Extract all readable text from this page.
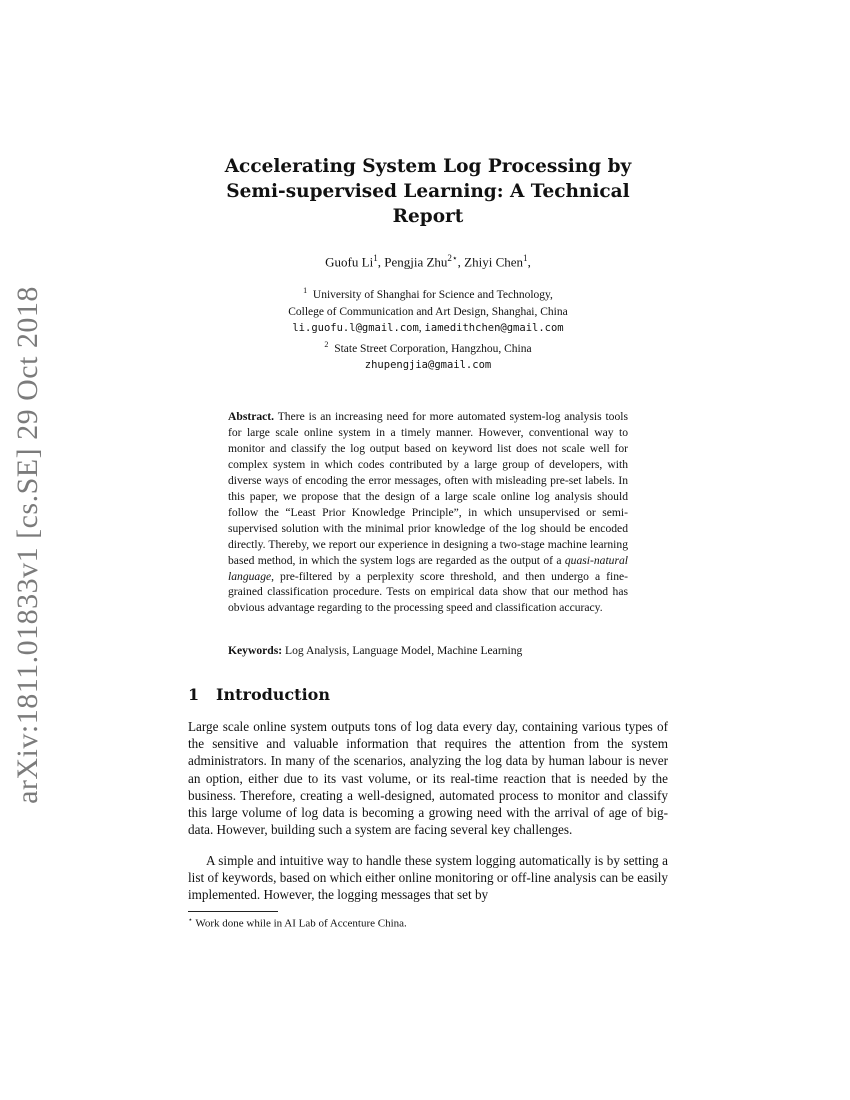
arXiv:1811.01833v1 [cs.SE] 29 Oct 2018
Accelerating System Log Processing by
Semi-supervised Learning: A Technical Report
Guofu Li$^1$, Pengjia Zhu$^{2⋆}$, Zhiyi Chen$^1$,
$^1$ University of Shanghai for Science and Technology,
College of Communication and Art Design, Shanghai, China
li.guofu.l@gmail.com, iamedithchen@gmail.com
$^2$ State Street Corporation, Hangzhou, China
zhupengjia@gmail.com
Abstract. There is an increasing need for more automated system-log analysis tools for large scale online system in a timely manner. However, conventional way to monitor and classify the log output based on keyword list does not scale well for complex system in which codes contributed by a large group of developers, with diverse ways of encoding the error messages, often with misleading pre-set labels. In this paper, we propose that the design of a large scale online log analysis should follow the “Least Prior Knowledge Principle”, in which unsupervised or semi-supervised solution with the minimal prior knowledge of the log should be encoded directly. Thereby, we report our experience in designing a two-stage machine learning based method, in which the system logs are regarded as the output of a quasi-natural language, pre-filtered by a perplexity score threshold, and then undergo a fine-grained classification procedure. Tests on empirical data show that our method has obvious advantage regarding to the processing speed and classification accuracy.
Keywords: Log Analysis, Language Model, Machine Learning
1 Introduction
Large scale online system outputs tons of log data every day, containing various types of the sensitive and valuable information that requires the attention from the system administrators. In many of the scenarios, analyzing the log data by human labour is never an option, either due to its vast volume, or its real-time reaction that is needed by the business. Therefore, creating a well-designed, automated process to monitor and classify this large volume of log data is becoming a growing need with the arrival of age of big-data. However, building such a system are facing several key challenges.
A simple and intuitive way to handle these system logging automatically is by setting a list of keywords, based on which either online monitoring or off-line analysis can be easily implemented. However, the logging messages that set by
⋆ Work done while in AI Lab of Accenture China.
